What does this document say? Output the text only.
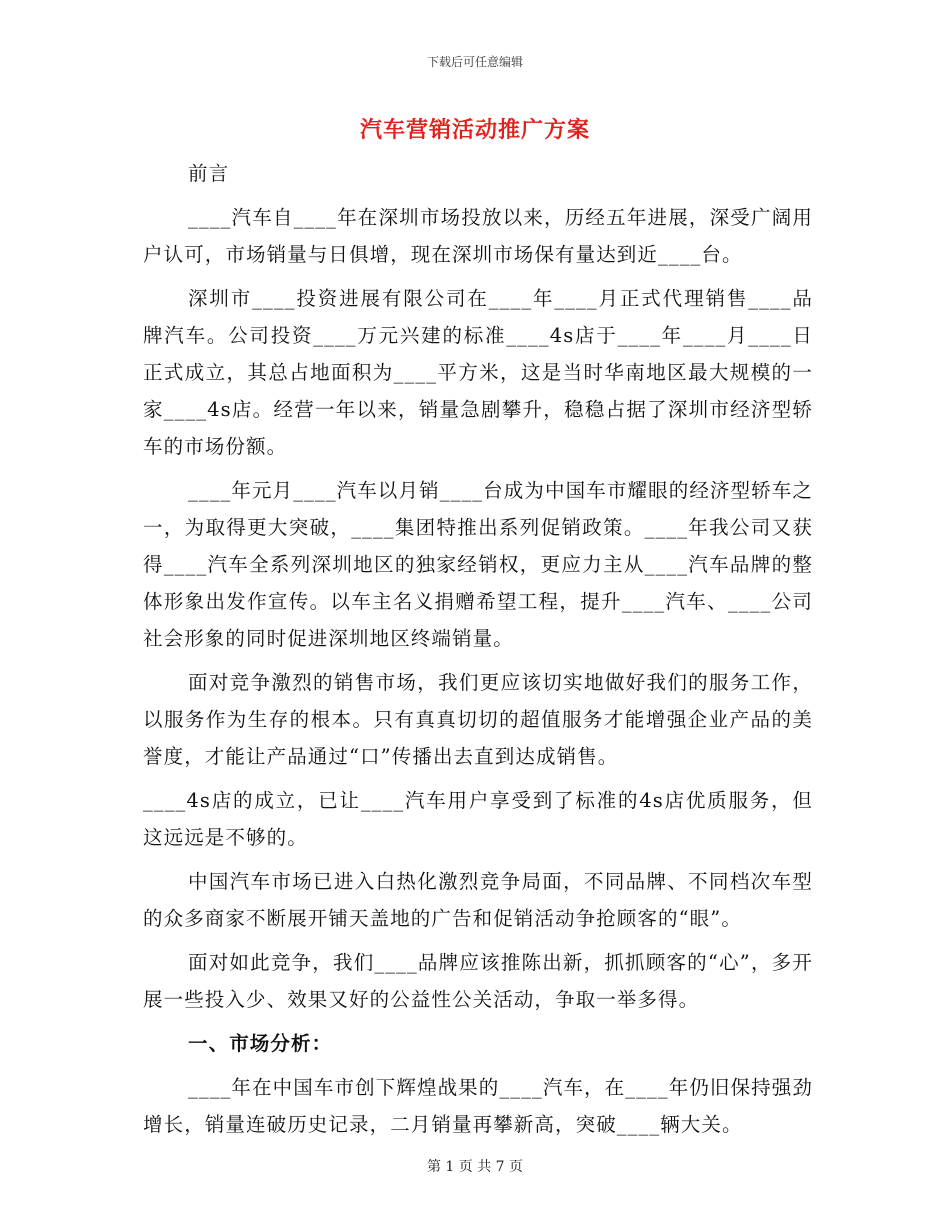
下载后可任意编辑
汽车营销活动推广方案

前言

____汽车自____年在深圳市场投放以来，历经五年进展，深受广阔用户认可，市场销量与日俱增，现在深圳市场保有量达到近____台。

深圳市____投资进展有限公司在____年____月正式代理销售____品牌汽车。公司投资____万元兴建的标准____4s店于____年____月____日正式成立，其总占地面积为____平方米，这是当时华南地区最大规模的一家____4s店。经营一年以来，销量急剧攀升，稳稳占据了深圳市经济型轿车的市场份额。

____年元月____汽车以月销____台成为中国车市耀眼的经济型轿车之一，为取得更大突破，____集团特推出系列促销政策。____年我公司又获得____汽车全系列深圳地区的独家经销权，更应力主从____汽车品牌的整体形象出发作宣传。以车主名义捐赠希望工程，提升____汽车、____公司社会形象的同时促进深圳地区终端销量。

面对竞争激烈的销售市场，我们更应该切实地做好我们的服务工作，以服务作为生存的根本。只有真真切切的超值服务才能增强企业产品的美誉度，才能让产品通过“口”传播出去直到达成销售。

____4s店的成立，已让____汽车用户享受到了标准的4s店优质服务，但这远远是不够的。

中国汽车市场已进入白热化激烈竞争局面，不同品牌、不同档次车型的众多商家不断展开铺天盖地的广告和促销活动争抢顾客的“眼”。

面对如此竞争，我们____品牌应该推陈出新，抓抓顾客的“心”，多开展一些投入少、效果又好的公益性公关活动，争取一举多得。

一、市场分析：

____年在中国车市创下辉煌战果的____汽车，在____年仍旧保持强劲增长，销量连破历史记录，二月销量再攀新高，突破____辆大关。

第 1 页 共 7 页
